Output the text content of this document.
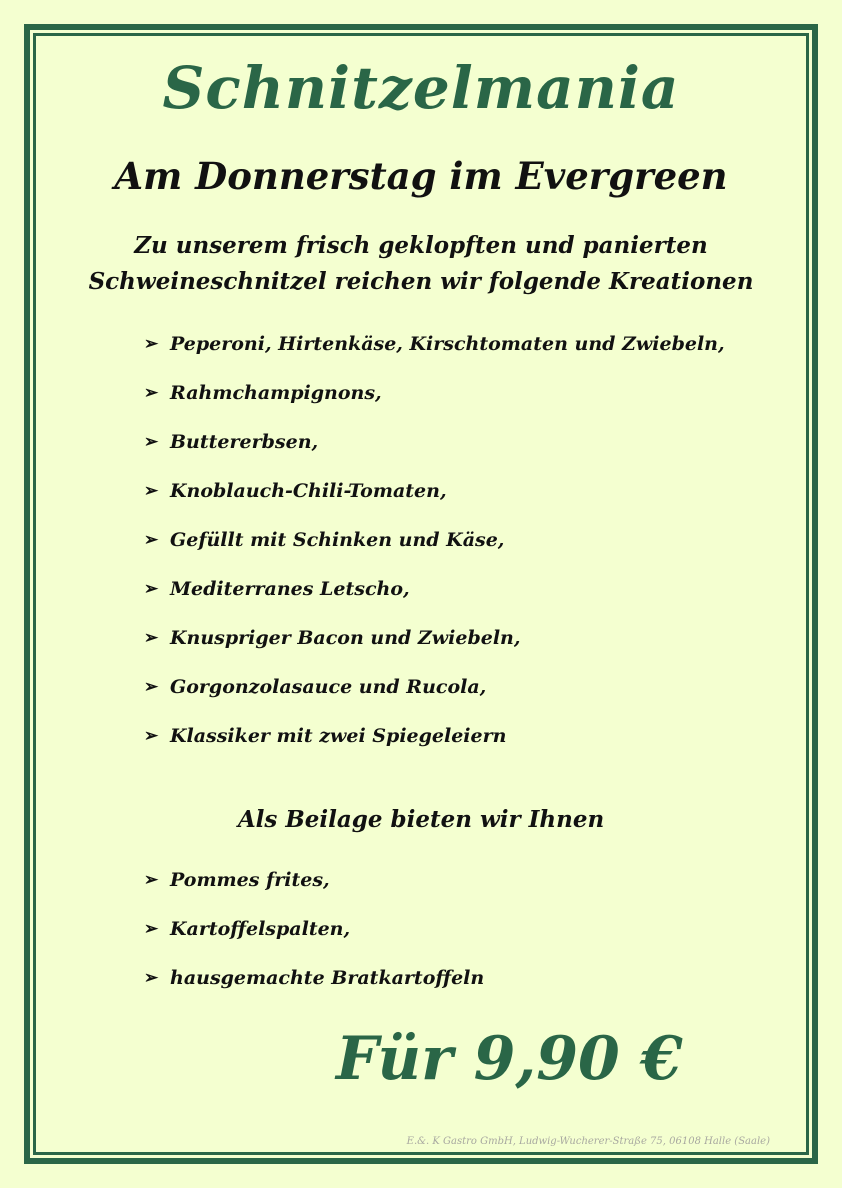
Schnitzelmania
Am Donnerstag im Evergreen
Zu unserem frisch geklopften und panierten
Schweineschnitzel reichen wir folgende Kreationen
➢ Peperoni, Hirtenkäse, Kirschtomaten und Zwiebeln,
➢ Rahmchampignons,
➢ Buttererbsen,
➢ Knoblauch-Chili-Tomaten,
➢ Gefüllt mit Schinken und Käse,
➢ Mediterranes Letscho,
➢ Knuspriger Bacon und Zwiebeln,
➢ Gorgonzolasauce und Rucola,
➢ Klassiker mit zwei Spiegeleiern
Als Beilage bieten wir Ihnen
➢ Pommes frites,
➢ Kartoffelspalten,
➢ hausgemachte Bratkartoffeln
Für 9,90 €
E.&. K Gastro GmbH, Ludwig-Wucherer-Straße 75, 06108 Halle (Saale)
